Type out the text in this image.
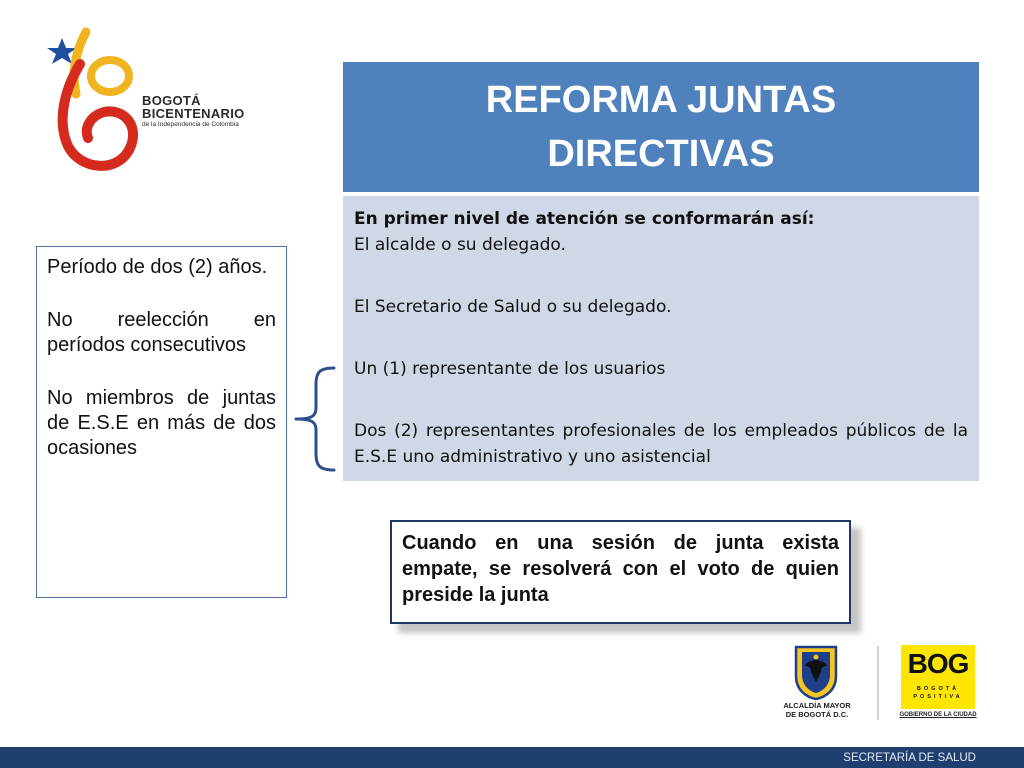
BOGOTÁ
BICENTENARIO
de la Independencia de Colombia
REFORMA JUNTAS
DIRECTIVAS

En primer nivel de atención se conformarán así:

El alcalde o su delegado.

El Secretario de Salud o su delegado.

Un (1) representante de los usuarios

Dos (2) representantes profesionales de los empleados públicos de la E.S.E uno administrativo y uno asistencial

Período de dos (2) años.

No reelección en períodos consecutivos

No miembros de juntas de E.S.E en más de dos ocasiones

Cuando en una sesión de junta exista empate, se resolverá con el voto de quien preside la junta
ALCALDÍA MAYOR
DE BOGOTÁ D.C.
BOG
BOGOTÁ
POSITIVA
GOBIERNO DE LA CIUDAD
SECRETARÍA DE SALUD
